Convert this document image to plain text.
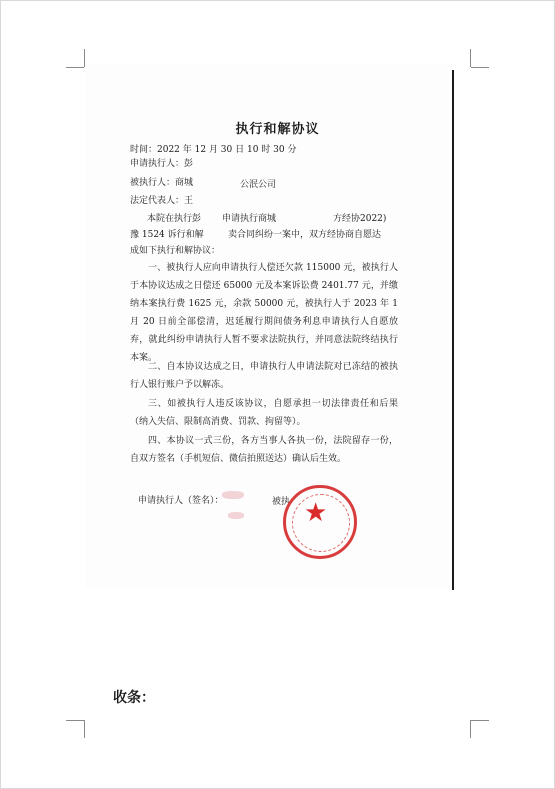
执行和解协议
时间：2022 年 12 月 30 日 10 时 30 分
申请执行人：彭
被执行人：商城	公泯公司
法定代表人：王
本院在执行彭 申请执行商城	方经协2022)
豫 1524 诉行和解	卖合同纠纷一案中，双方经协商自愿达
成如下执行和解协议：
一、被执行人应向申请执行人偿还欠款 115000 元，被执行人于本协议达成之日偿还 65000 元及本案诉讼费 2401.77 元，并缴纳本案执行费 1625 元，余款 50000 元，被执行人于 2023 年 1 月 20 日前全部偿清，迟延履行期间债务利息申请执行人自愿放弃，就此纠纷申请执行人暂不要求法院执行，并同意法院终结执行本案。
二、自本协议达成之日，申请执行人申请法院对已冻结的被执行人银行账户予以解冻。
三、如被执行人违反该协议，自愿承担一切法律责任和后果（纳入失信、限制高消费、罚款、拘留等）。
四、本协议一式三份，各方当事人各执一份，法院留存一份，自双方签名（手机短信、微信拍照送达）确认后生效。
申请执行人（签名）：	被执 ★
收条：
